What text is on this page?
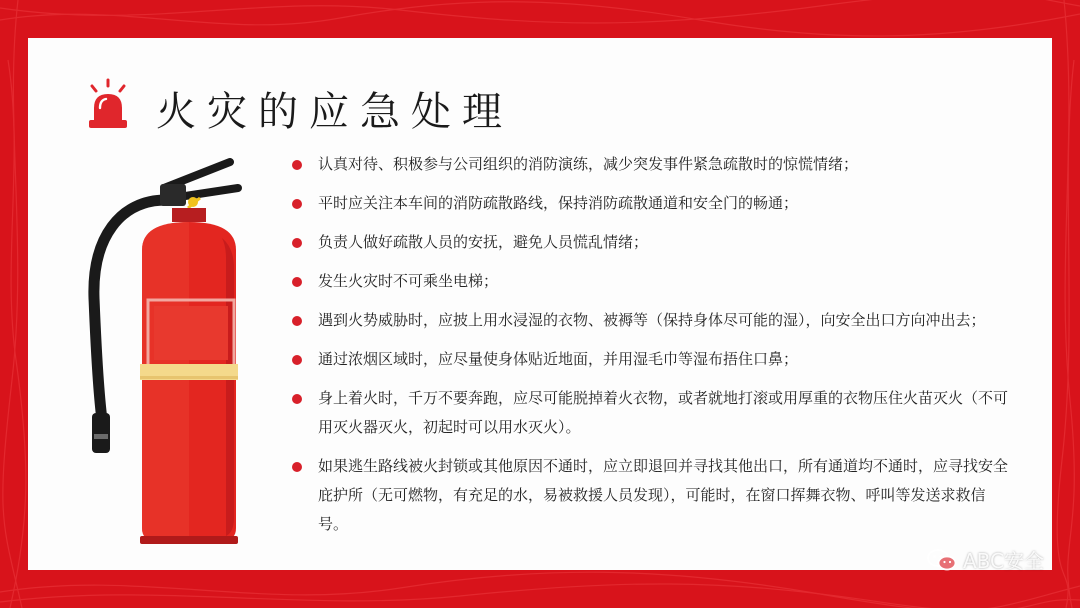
火灾的应急处理
认真对待、积极参与公司组织的消防演练，减少突发事件紧急疏散时的惊慌情绪；
平时应关注本车间的消防疏散路线，保持消防疏散通道和安全门的畅通；
负责人做好疏散人员的安抚，避免人员慌乱情绪；
发生火灾时不可乘坐电梯；
遇到火势威胁时，应披上用水浸湿的衣物、被褥等（保持身体尽可能的湿），向安全出口方向冲出去；
通过浓烟区域时，应尽量使身体贴近地面，并用湿毛巾等湿布捂住口鼻；
身上着火时，千万不要奔跑，应尽可能脱掉着火衣物，或者就地打滚或用厚重的衣物压住火苗灭火（不可用灭火器灭火，初起时可以用水灭火）。
如果逃生路线被火封锁或其他原因不通时，应立即退回并寻找其他出口，所有通道均不通时，应寻找安全庇护所（无可燃物，有充足的水，易被救援人员发现），可能时，在窗口挥舞衣物、呼叫等发送求救信号。
ABC安全
